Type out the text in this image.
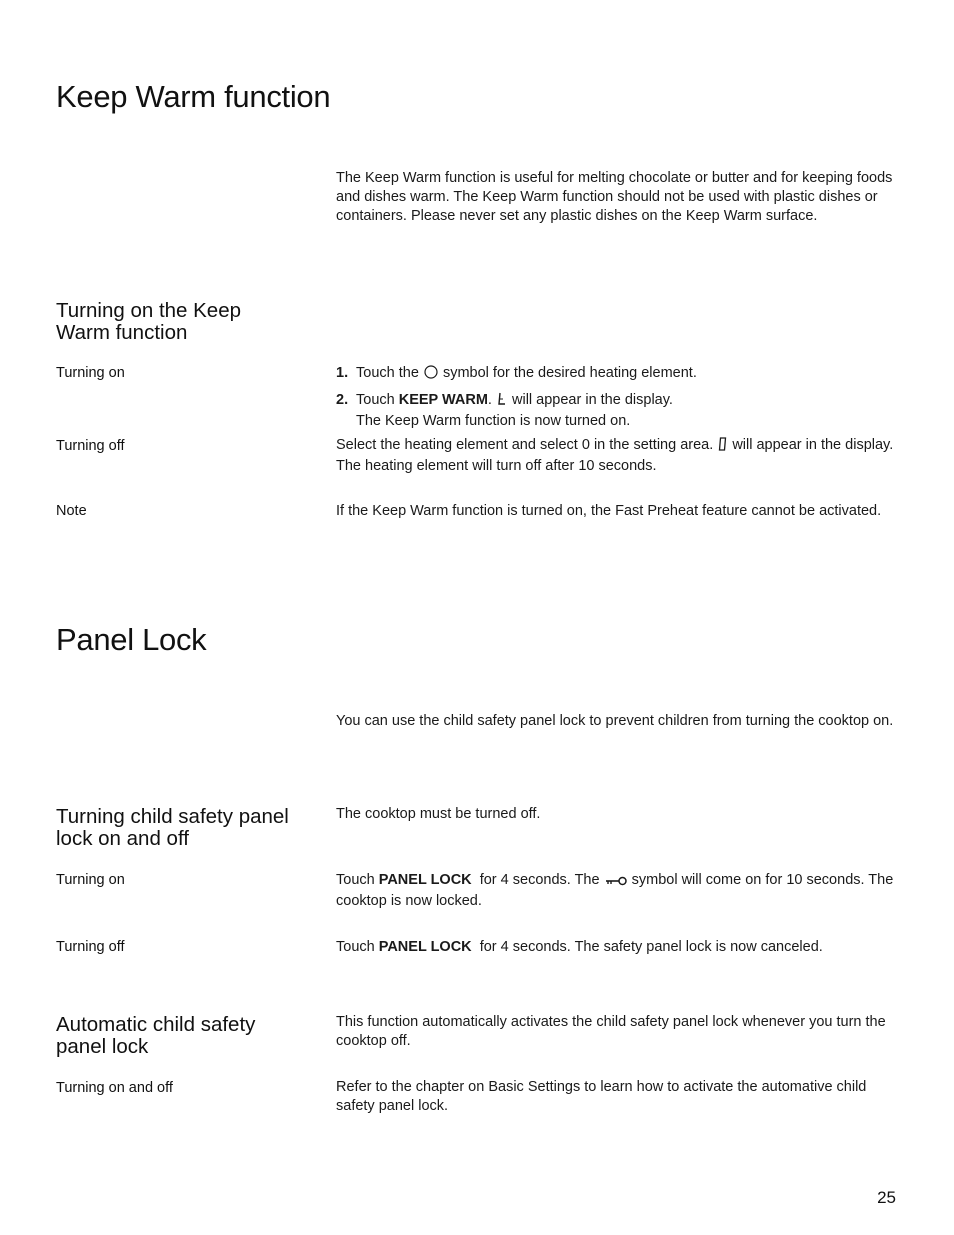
Keep Warm function
The Keep Warm function is useful for melting chocolate or butter and for keeping foods and dishes warm. The Keep Warm function should not be used with plastic dishes or containers. Please never set any plastic dishes on the Keep Warm surface.
Turning on the Keep Warm function
Turning on	1. Touch the symbol for the desired heating element.
2. Touch KEEP WARM. will appear in the display.
The Keep Warm function is now turned on.
Turning off	Select the heating element and select 0 in the setting area. will appear in the display. The heating element will turn off after 10 seconds.
Note	If the Keep Warm function is turned on, the Fast Preheat feature cannot be activated.
Panel Lock
You can use the child safety panel lock to prevent children from turning the cooktop on.
Turning child safety panel lock on and off
The cooktop must be turned off.
Turning on	Touch PANEL LOCK for 4 seconds. The symbol will come on for 10 seconds. The cooktop is now locked.
Turning off	Touch PANEL LOCK for 4 seconds. The safety panel lock is now canceled.
Automatic child safety panel lock
This function automatically activates the child safety panel lock whenever you turn the cooktop off.
Turning on and off	Refer to the chapter on Basic Settings to learn how to activate the automative child safety panel lock.
25
